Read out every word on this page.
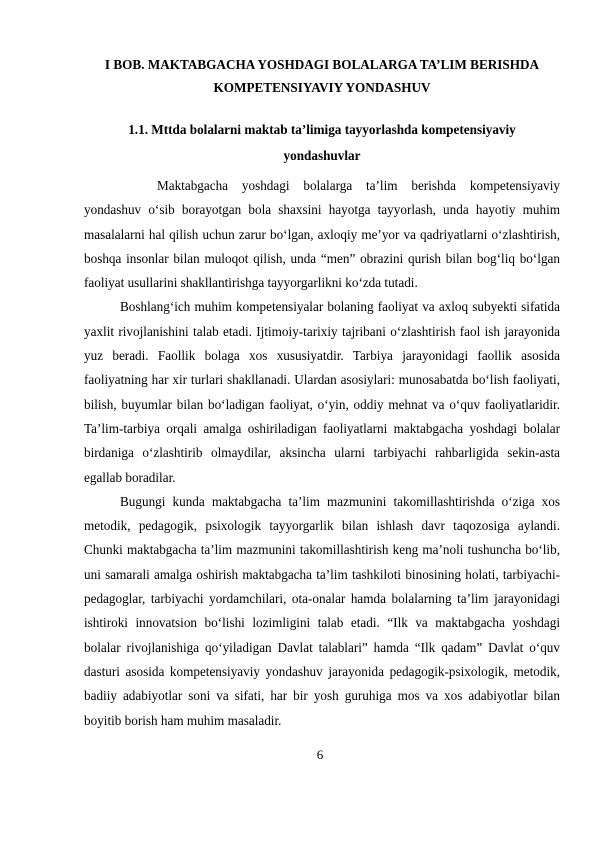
I BOB. MAKTABGACHA YOSHDAGI BOLALARGA TA’LIM BERISHDA KOMPETENSIYAVIY YONDASHUV
1.1. Mttda bolalarni maktab ta’limiga tayyorlashda kompetensiyaviy yondashuvlar

Maktabgacha yoshdagi bolalarga ta’lim berishda kompetensiyaviy yondashuv o‘sib borayotgan bola shaxsini hayotga tayyorlash, unda hayotiy muhim masalalarni hal qilish uchun zarur bo‘lgan, axloqiy me’yor va qadriyatlarni o‘zlashtirish, boshqa insonlar bilan muloqot qilish, unda “men” obrazini qurish bilan bog‘liq bo‘lgan faoliyat usullarini shakllantirishga tayyorgarlikni ko‘zda tutadi.

Boshlang‘ich muhim kompetensiyalar bolaning faoliyat va axloq subyekti sifatida yaxlit rivojlanishini talab etadi. Ijtimoiy-tarixiy tajribani o‘zlashtirish faol ish jarayonida yuz beradi. Faollik bolaga xos xususiyatdir. Tarbiya jarayonidagi faollik asosida faoliyatning har xir turlari shakllanadi. Ulardan asosiylari: munosabatda bo‘lish faoliyati, bilish, buyumlar bilan bo‘ladigan faoliyat, o‘yin, oddiy mehnat va o‘quv faoliyatlaridir. Ta’lim-tarbiya orqali amalga oshiriladigan faoliyatlarni maktabgacha yoshdagi bolalar birdaniga o‘zlashtirib olmaydilar, aksincha ularni tarbiyachi rahbarligida sekin-asta egallab boradilar.

Bugungi kunda maktabgacha ta’lim mazmunini takomillashtirishda o‘ziga xos metodik, pedagogik, psixologik tayyorgarlik bilan ishlash davr taqozosiga aylandi. Chunki maktabgacha ta’lim mazmunini takomillashtirish keng ma’noli tushuncha bo‘lib, uni samarali amalga oshirish maktabgacha ta’lim tashkiloti binosining holati, tarbiyachi-pedagoglar, tarbiyachi yordamchilari, ota-onalar hamda bolalarning ta’lim jarayonidagi ishtiroki innovatsion bo‘lishi lozimligini talab etadi. “Ilk va maktabgacha yoshdagi bolalar rivojlanishiga qo‘yiladigan Davlat talablari” hamda “Ilk qadam” Davlat o‘quv dasturi asosida kompetensiyaviy yondashuv jarayonida pedagogik-psixologik, metodik, badiiy adabiyotlar soni va sifati, har bir yosh guruhiga mos va xos adabiyotlar bilan boyitib borish ham muhim masaladir.

6
